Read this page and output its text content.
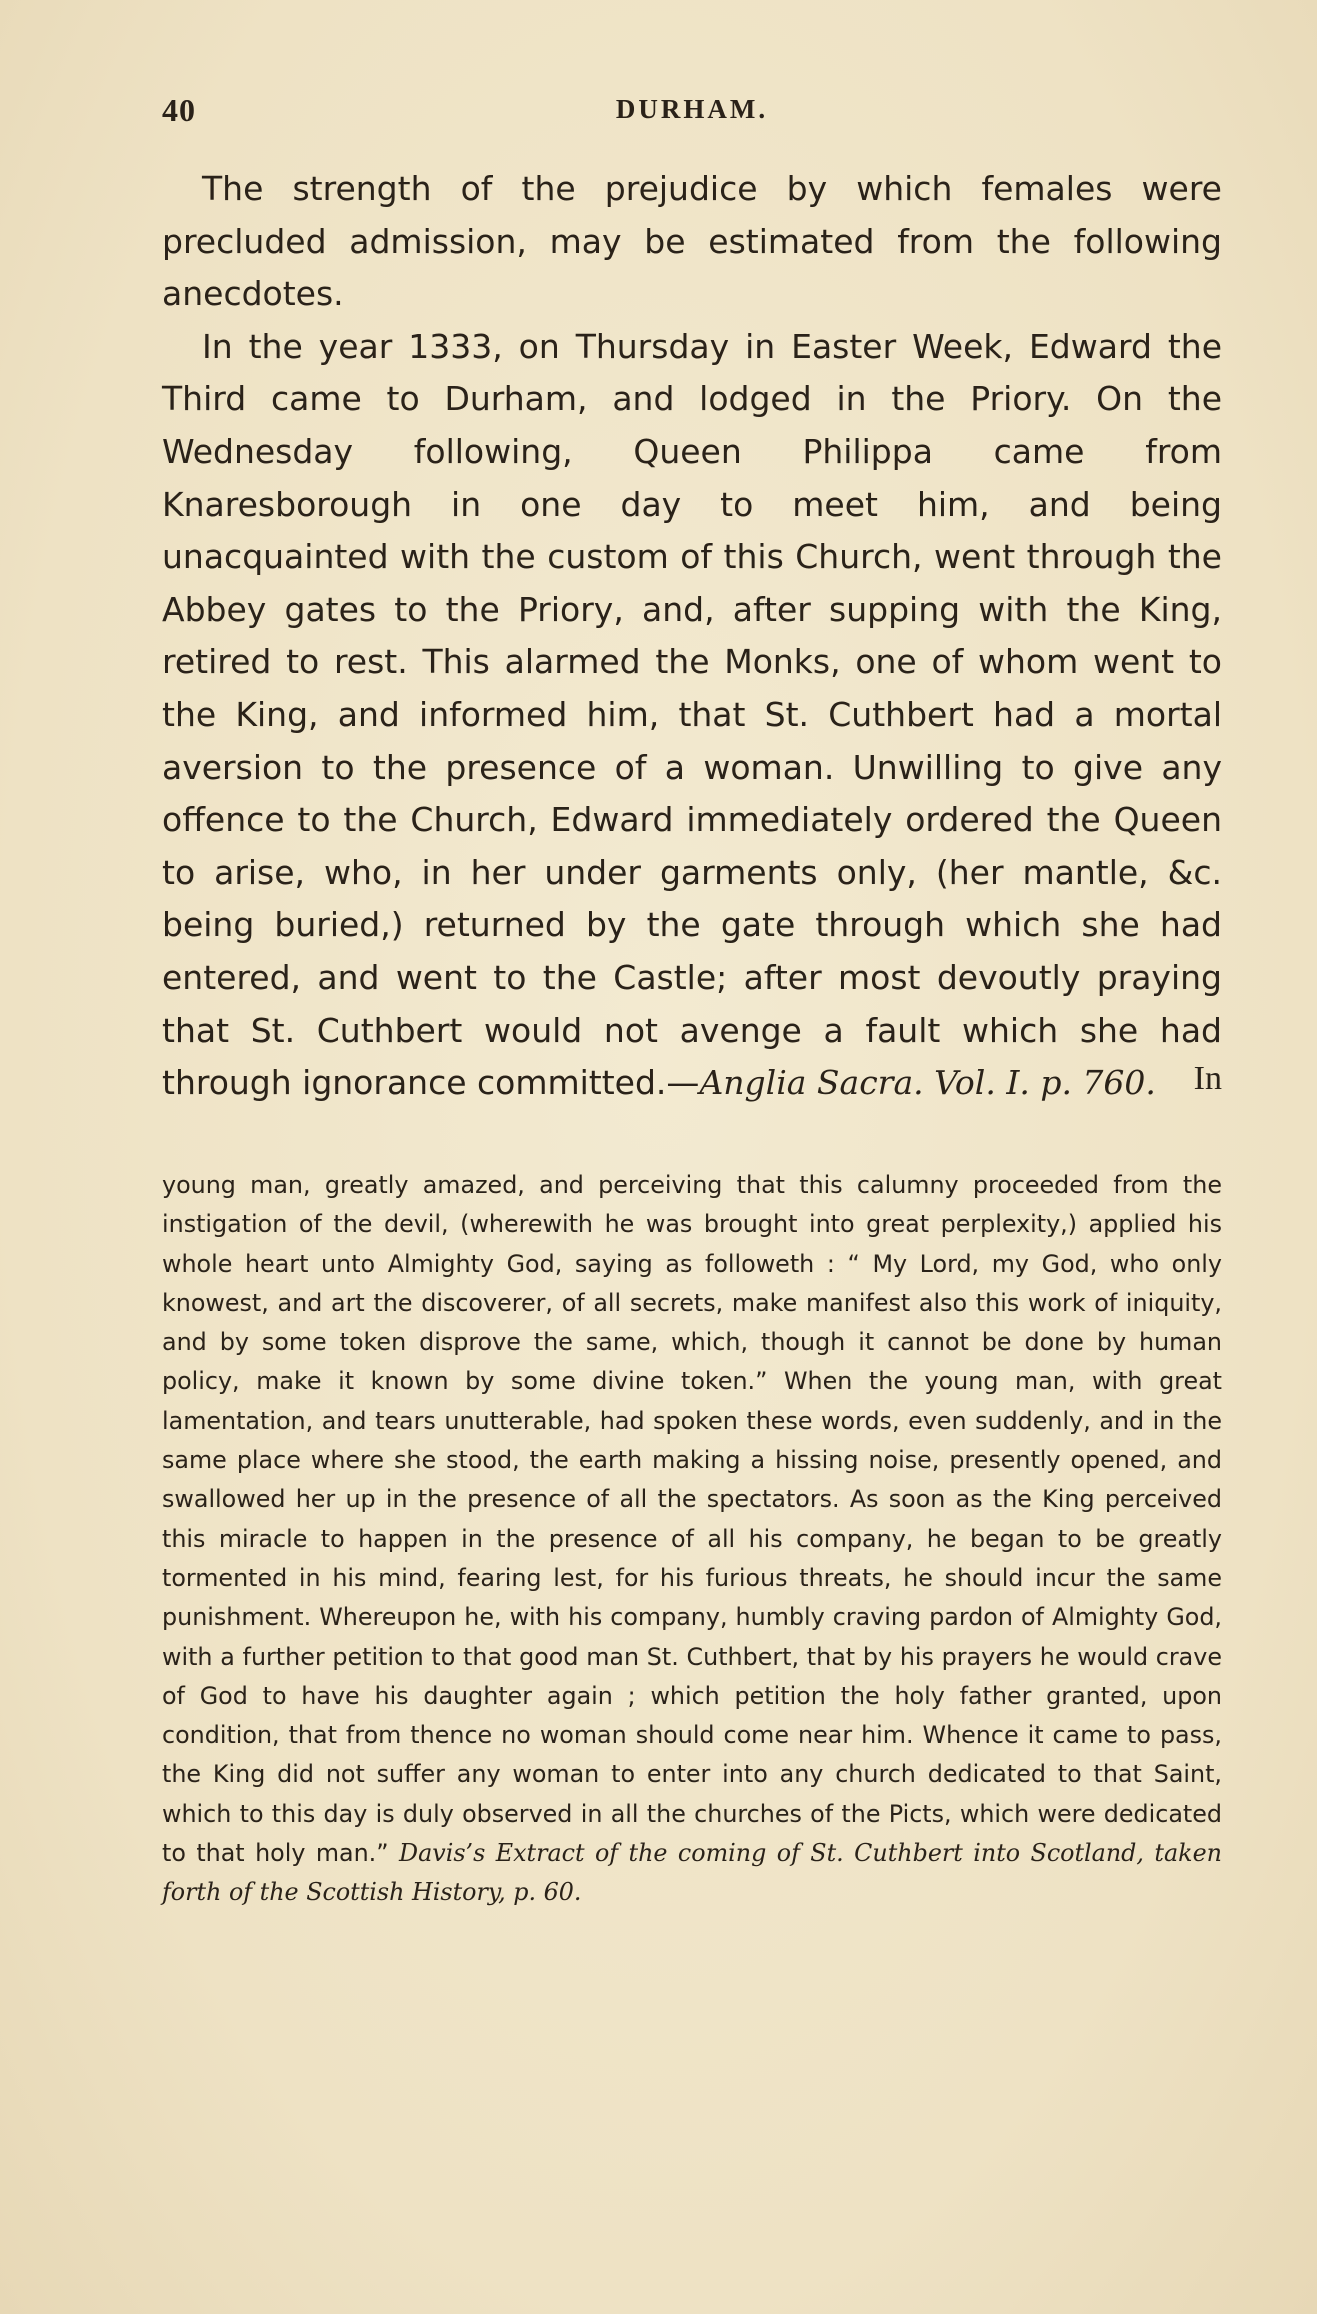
40	DURHAM.

The strength of the prejudice by which females were precluded admission, may be estimated from the following anecdotes.

In the year 1333, on Thursday in Easter Week, Edward the Third came to Durham, and lodged in the Priory. On the Wednesday following, Queen Philippa came from Knaresborough in one day to meet him, and being unacquainted with the custom of this Church, went through the Abbey gates to the Priory, and, after supping with the King, retired to rest. This alarmed the Monks, one of whom went to the King, and informed him, that St. Cuthbert had a mortal aversion to the presence of a woman. Unwilling to give any offence to the Church, Edward immediately ordered the Queen to arise, who, in her under garments only, (her mantle, &c. being buried,) returned by the gate through which she had entered, and went to the Castle; after most devoutly praying that St. Cuthbert would not avenge a fault which she had through ignorance committed.—Anglia Sacra. Vol. I. p. 760.	In
young man, greatly amazed, and perceiving that this calumny proceeded from the instigation of the devil, (wherewith he was brought into great perplexity,) applied his whole heart unto Almighty God, saying as followeth : “ My Lord, my God, who only knowest, and art the discoverer, of all secrets, make manifest also this work of iniquity, and by some token disprove the same, which, though it cannot be done by human policy, make it known by some divine token.” When the young man, with great lamentation, and tears unutterable, had spoken these words, even suddenly, and in the same place where she stood, the earth making a hissing noise, presently opened, and swallowed her up in the presence of all the spectators. As soon as the King perceived this miracle to happen in the presence of all his company, he began to be greatly tormented in his mind, fearing lest, for his furious threats, he should incur the same punishment. Whereupon he, with his company, humbly craving pardon of Almighty God, with a further petition to that good man St. Cuthbert, that by his prayers he would crave of God to have his daughter again ; which petition the holy father granted, upon condition, that from thence no woman should come near him. Whence it came to pass, the King did not suffer any woman to enter into any church dedicated to that Saint, which to this day is duly observed in all the churches of the Picts, which were dedicated to that holy man.” Davis’s Extract of the coming of St. Cuthbert into Scotland, taken forth of the Scottish History, p. 60.
